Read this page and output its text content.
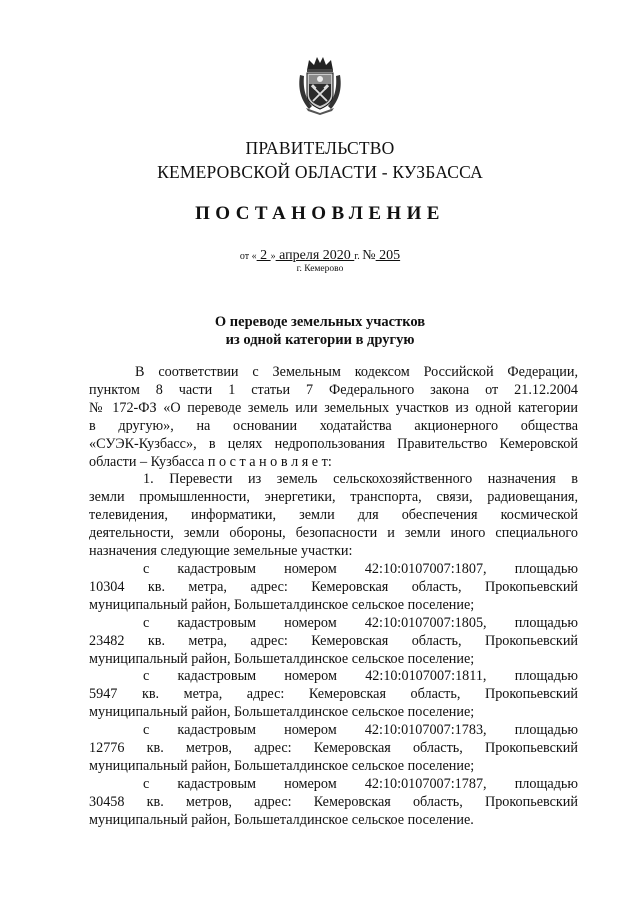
ПРАВИТЕЛЬСТВО
КЕМЕРОВСКОЙ ОБЛАСТИ - КУЗБАССА
ПОСТАНОВЛЕНИЕ
от « 2 » апреля 2020 г. № 205
г. Кемерово
О переводе земельных участков
из одной категории в другую

В соответствии с Земельным кодексом Российской Федерации,

пунктом 8 части 1 статьи 7 Федерального закона от 21.12.2004

№ 172-ФЗ «О переводе земель или земельных участков из одной категории

в другую», на основании ходатайства акционерного общества

«СУЭК-Кузбасс», в целях недропользования Правительство Кемеровской

области – Кузбасса п о с т а н о в л я е т:

1. Перевести из земель сельскохозяйственного назначения в

земли промышленности, энергетики, транспорта, связи, радиовещания,

телевидения, информатики, земли для обеспечения космической

деятельности, земли обороны, безопасности и земли иного специального

назначения следующие земельные участки:

с кадастровым номером 42:10:0107007:1807, площадью

10304 кв. метра, адрес: Кемеровская область, Прокопьевский

муниципальный район, Большеталдинское сельское поселение;

с кадастровым номером 42:10:0107007:1805, площадью

23482 кв. метра, адрес: Кемеровская область, Прокопьевский

муниципальный район, Большеталдинское сельское поселение;

с кадастровым номером 42:10:0107007:1811, площадью

5947 кв. метра, адрес: Кемеровская область, Прокопьевский

муниципальный район, Большеталдинское сельское поселение;

с кадастровым номером 42:10:0107007:1783, площадью

12776 кв. метров, адрес: Кемеровская область, Прокопьевский

муниципальный район, Большеталдинское сельское поселение;

с кадастровым номером 42:10:0107007:1787, площадью

30458 кв. метров, адрес: Кемеровская область, Прокопьевский

муниципальный район, Большеталдинское сельское поселение.
